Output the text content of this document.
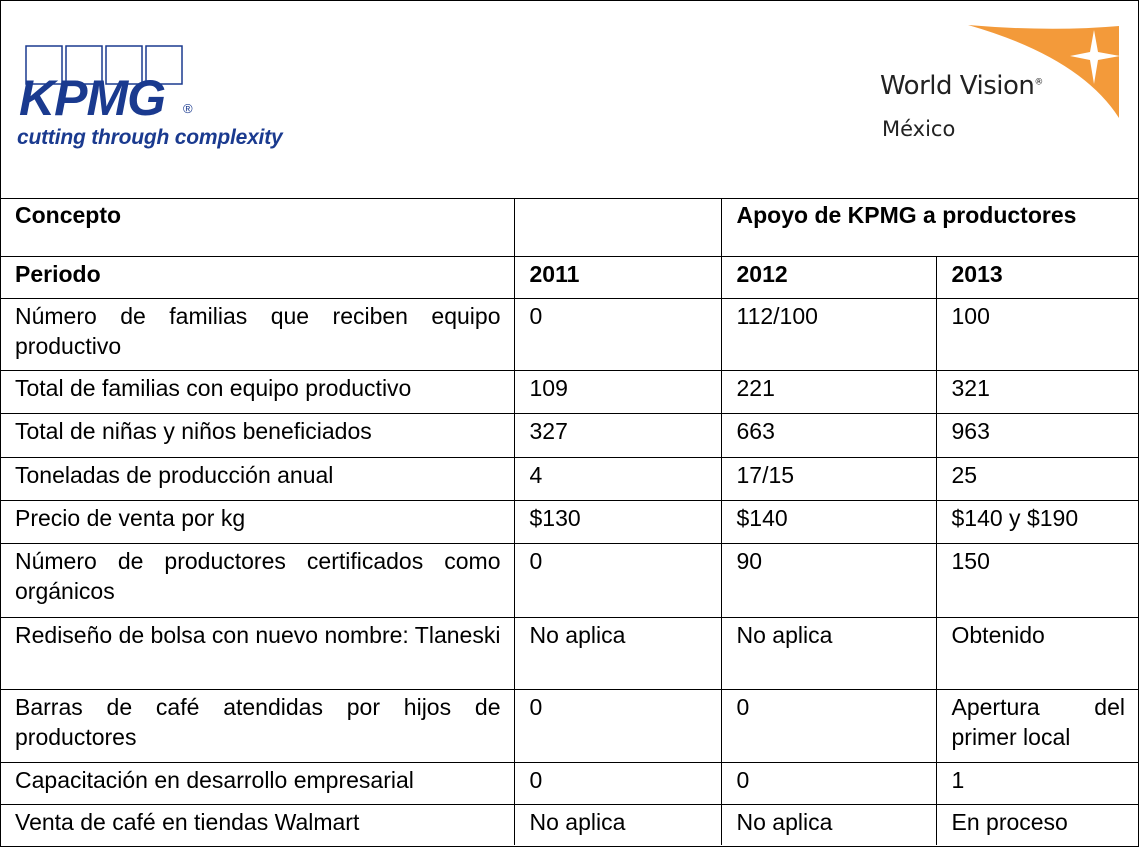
KPMG ®
cutting through complexity
World Vision®
México
Concepto		Apoyo de KPMG a productores	
Periodo	2011	2012	2013
Número de familias que reciben equipo productivo	0	112/100	100
Total de familias con equipo productivo	109	221	321
Total de niñas y niños beneficiados	327	663	963
Toneladas de producción anual	4	17/15	25
Precio de venta por kg	$130	$140	$140 y $190
Número de productores certificados como orgánicos	0	90	150
Rediseño de bolsa con nuevo nombre: Tlaneski	No aplica	No aplica	Obtenido
Barras de café atendidas por hijos de productores	0	0	Apertura del primer local
Capacitación en desarrollo empresarial	0	0	1
Venta de café en tiendas Walmart	No aplica	No aplica	En proceso
